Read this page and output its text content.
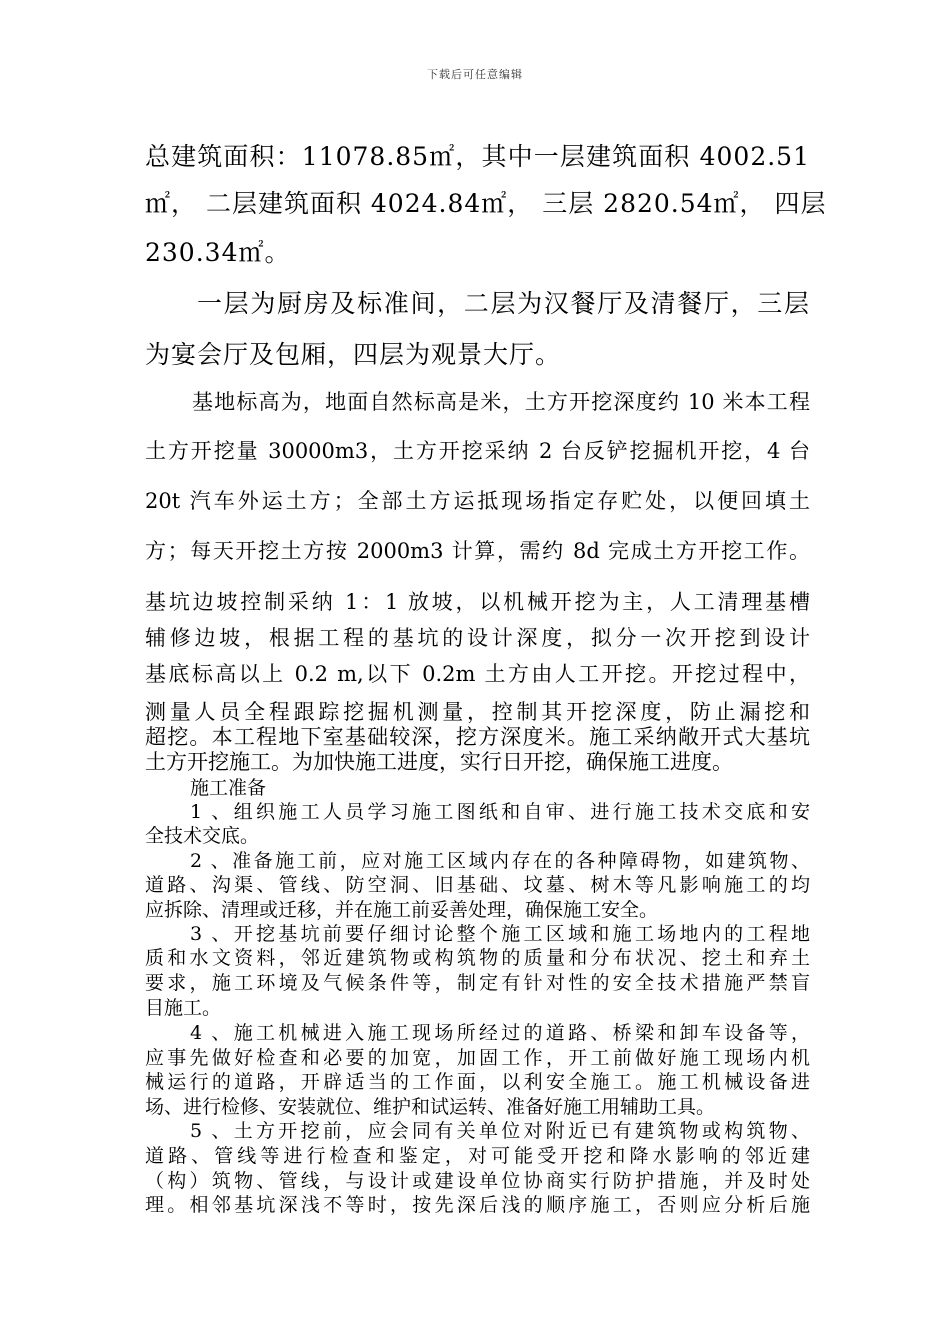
下载后可任意编辑
总建筑面积：11078.85㎡，其中一层建筑面积 4002.51
㎡， 二层建筑面积 4024.84㎡， 三层 2820.54㎡， 四层
230.34㎡。
一层为厨房及标准间，二层为汉餐厅及清餐厅，三层
为宴会厅及包厢，四层为观景大厅。
基地标高为，地面自然标高是米，土方开挖深度约 10 米本工程
土方开挖量 30000m3，土方开挖采纳 2 台反铲挖掘机开挖，4 台
20t 汽车外运土方；全部土方运抵现场指定存贮处，以便回填土
方；每天开挖土方按 2000m3 计算，需约 8d 完成土方开挖工作。
基坑边坡控制采纳 1：1 放坡，以机械开挖为主，人工清理基槽
辅修边坡，根据工程的基坑的设计深度，拟分一次开挖到设计
基底标高以上 0.2 m,以下 0.2m 土方由人工开挖。开挖过程中，
测量人员全程跟踪挖掘机测量，控制其开挖深度，防止漏挖和
超挖。本工程地下室基础较深，挖方深度米。施工采纳敞开式大基坑
土方开挖施工。为加快施工进度，实行日开挖，确保施工进度。
施工准备
1 、组织施工人员学习施工图纸和自审、进行施工技术交底和安
全技术交底。
2 、准备施工前，应对施工区域内存在的各种障碍物，如建筑物、
道路、沟渠、管线、防空洞、旧基础、坟墓、树木等凡影响施工的均
应拆除、清理或迁移，并在施工前妥善处理，确保施工安全。
3 、开挖基坑前要仔细讨论整个施工区域和施工场地内的工程地
质和水文资料，邻近建筑物或构筑物的质量和分布状况、挖土和弃土
要求，施工环境及气候条件等，制定有针对性的安全技术措施严禁盲
目施工。
4 、施工机械进入施工现场所经过的道路、桥梁和卸车设备等，
应事先做好检查和必要的加宽，加固工作，开工前做好施工现场内机
械运行的道路，开辟适当的工作面，以利安全施工。施工机械设备进
场、进行检修、安装就位、维护和试运转、准备好施工用辅助工具。
5 、土方开挖前，应会同有关单位对附近已有建筑物或构筑物、
道路、管线等进行检查和鉴定，对可能受开挖和降水影响的邻近建
（构）筑物、管线，与设计或建设单位协商实行防护措施，并及时处
理。相邻基坑深浅不等时，按先深后浅的顺序施工，否则应分析后施
